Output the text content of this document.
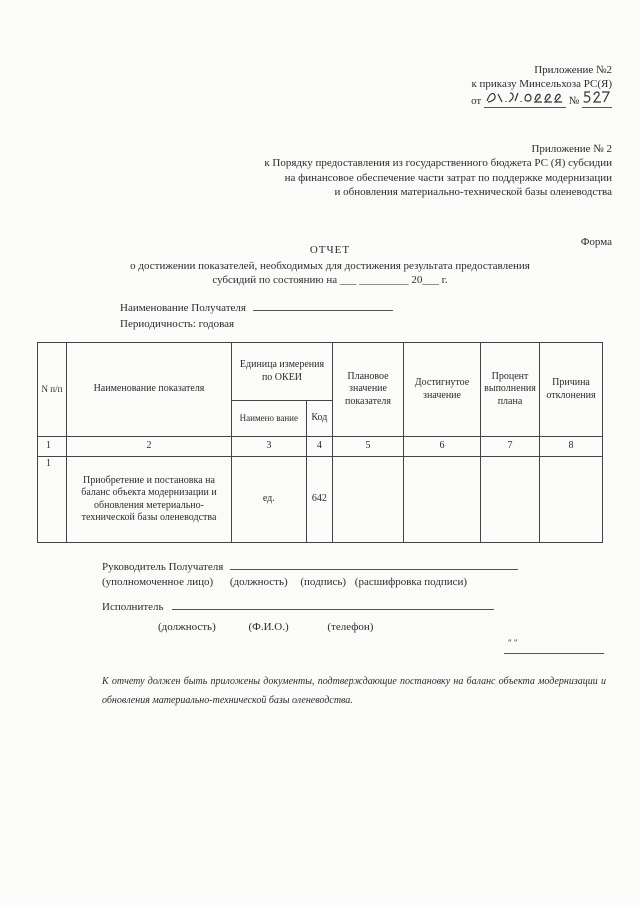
Приложение №2
к приказу Минсельхоза РС(Я)
от	№
Приложение № 2
к Порядку предоставления из государственного бюджета РС (Я) субсидии
на финансовое обеспечение части затрат по поддержке модернизации
и обновления материально-технической базы оленеводства
Форма
ОТЧЕТ
о достижении показателей, необходимых для достижения результата предоставления
субсидий по состоянию на ___ _________ 20___ г.
Наименование Получателя
Периодичность: годовая
N п/п	Наименование показателя	Единица измерения по ОКЕИ		Плановое значение показателя	Достигнутое значение	Процент выполнения плана	Причина отклонения
		Наимено вание	Код				
1	2	3	4	5	6	7	8
1	Приобретение и постановка на баланс объекта модернизации и обновления метериально-технической базы оленеводства	ед.	642				
Руководитель Получателя
(уполномоченное лицо) (должность) (подпись) (расшифровка подписи)
Исполнитель
(должность)	(Ф.И.О.)	(телефон)
" "
К отчету должен быть приложены документы, подтверждающие постановку на баланс объекта модернизации и обновления материально-технической базы оленеводства.
